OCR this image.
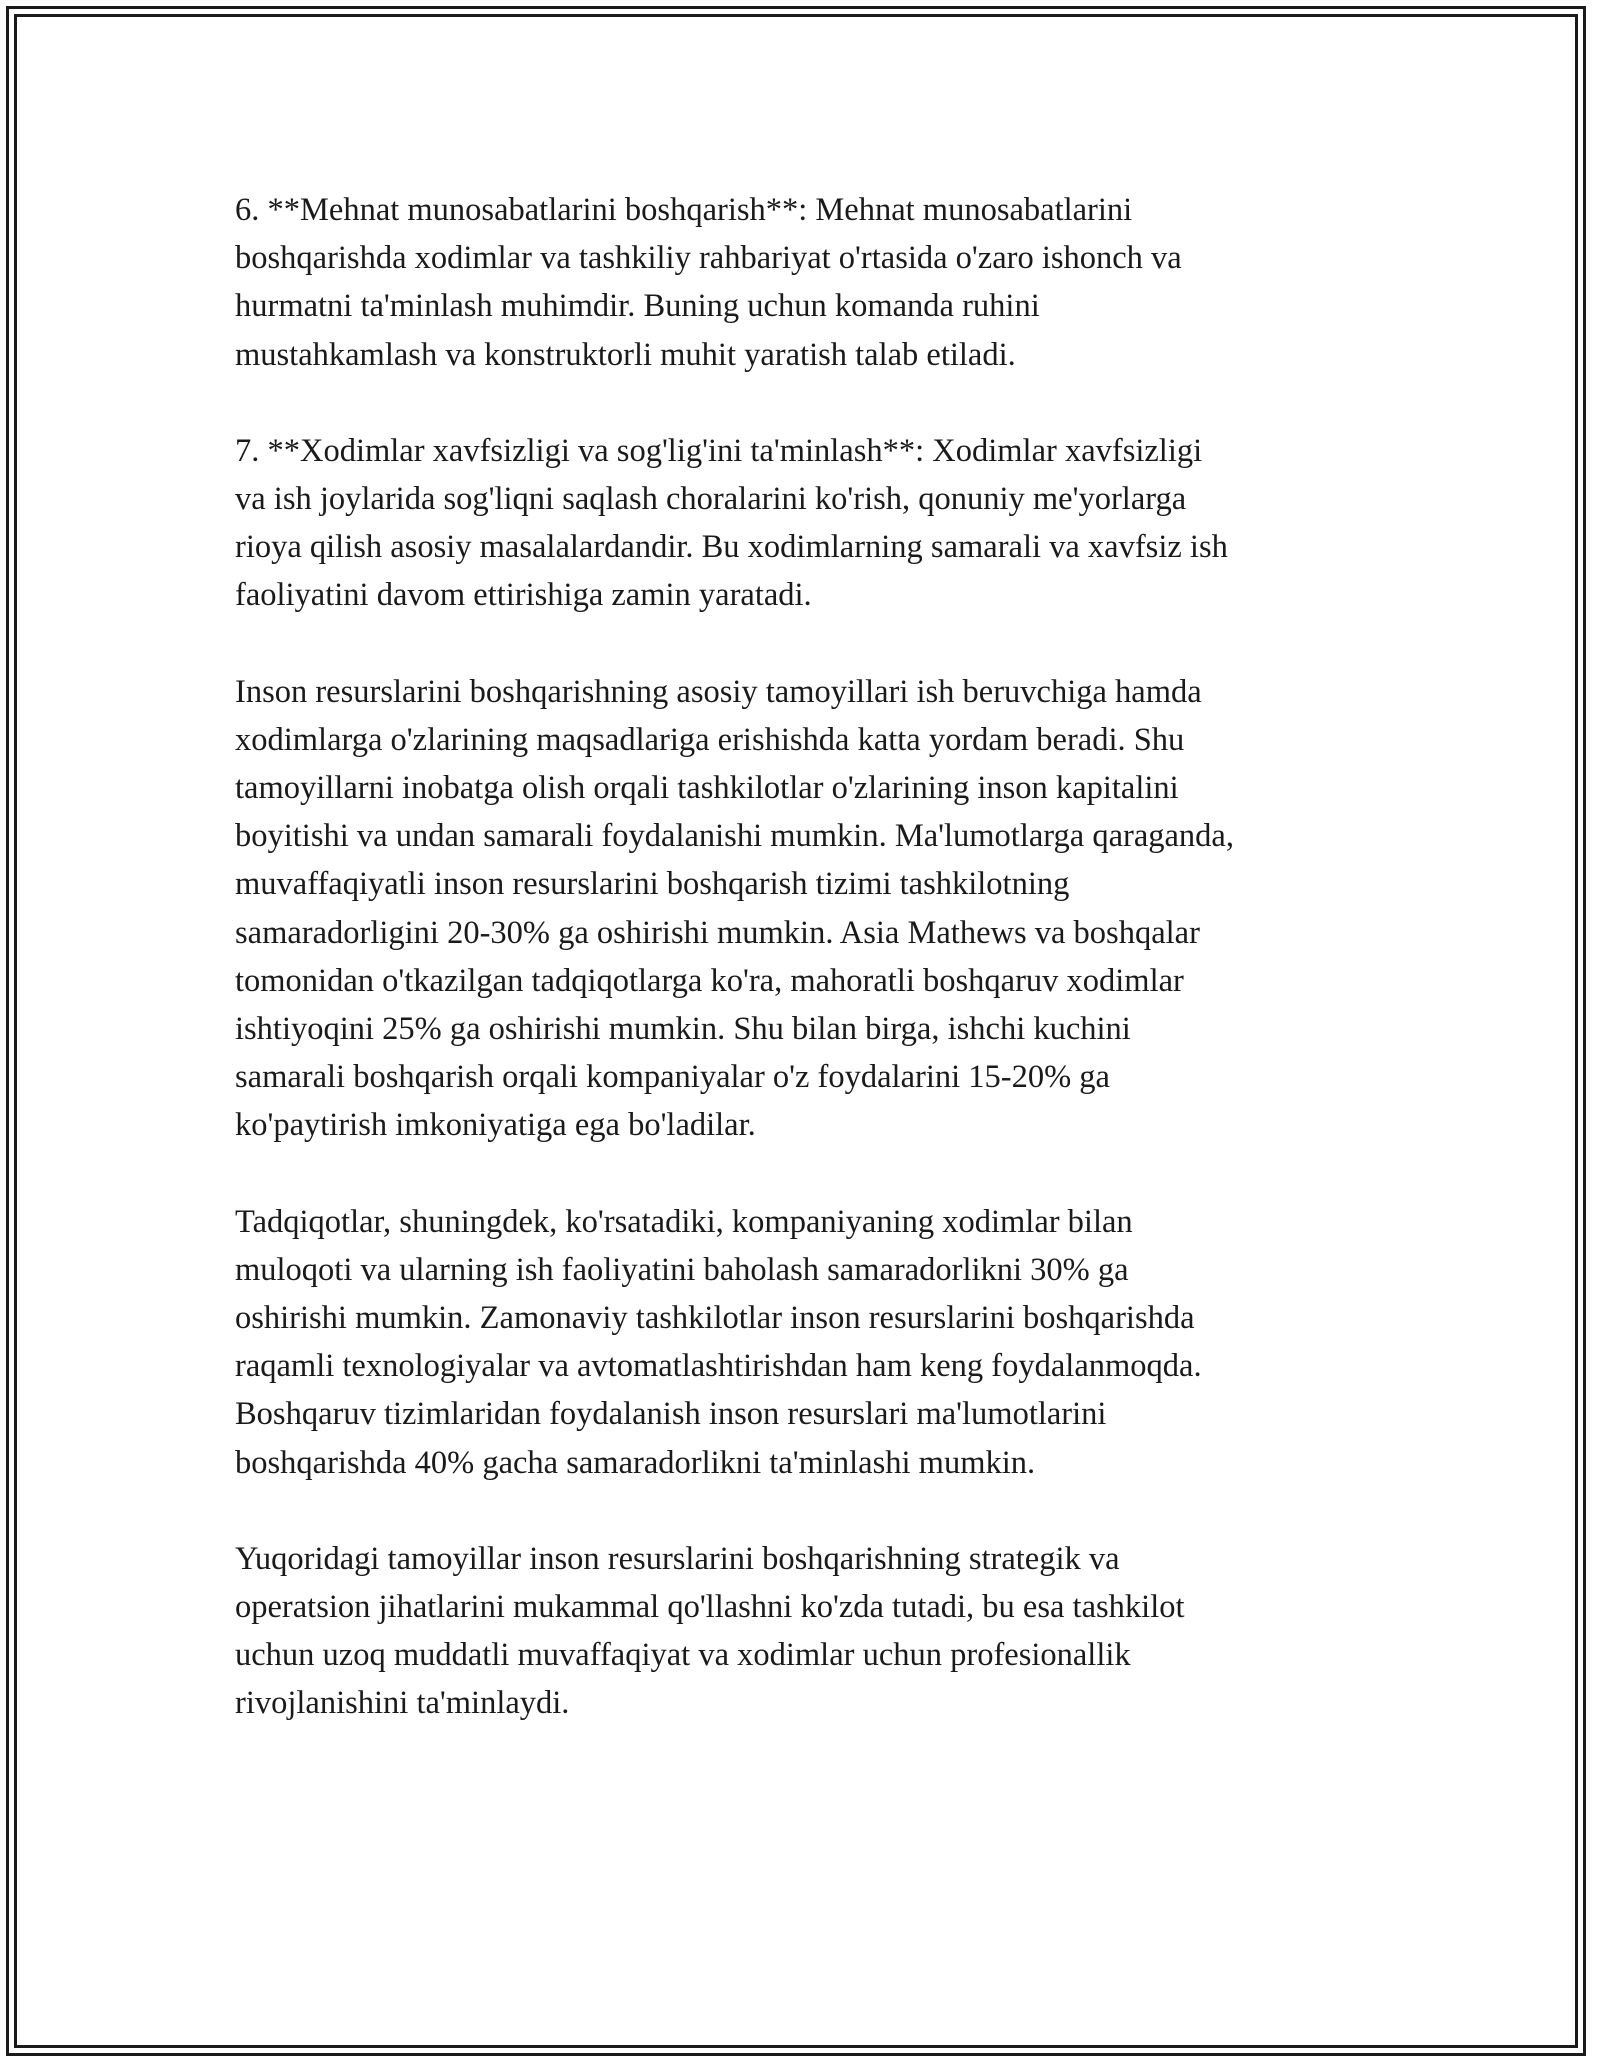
6. **Mehnat munosabatlarini boshqarish**: Mehnat munosabatlarini
boshqarishda xodimlar va tashkiliy rahbariyat o'rtasida o'zaro ishonch va
hurmatni ta'minlash muhimdir. Buning uchun komanda ruhini
mustahkamlash va konstruktorli muhit yaratish talab etiladi.

7. **Xodimlar xavfsizligi va sog'lig'ini ta'minlash**: Xodimlar xavfsizligi
va ish joylarida sog'liqni saqlash choralarini ko'rish, qonuniy me'yorlarga
rioya qilish asosiy masalalardandir. Bu xodimlarning samarali va xavfsiz ish
faoliyatini davom ettirishiga zamin yaratadi.

Inson resurslarini boshqarishning asosiy tamoyillari ish beruvchiga hamda
xodimlarga o'zlarining maqsadlariga erishishda katta yordam beradi. Shu
tamoyillarni inobatga olish orqali tashkilotlar o'zlarining inson kapitalini
boyitishi va undan samarali foydalanishi mumkin. Ma'lumotlarga qaraganda,
muvaffaqiyatli inson resurslarini boshqarish tizimi tashkilotning
samaradorligini 20-30% ga oshirishi mumkin. Asia Mathews va boshqalar
tomonidan o'tkazilgan tadqiqotlarga ko'ra, mahoratli boshqaruv xodimlar
ishtiyoqini 25% ga oshirishi mumkin. Shu bilan birga, ishchi kuchini
samarali boshqarish orqali kompaniyalar o'z foydalarini 15-20% ga
ko'paytirish imkoniyatiga ega bo'ladilar.

Tadqiqotlar, shuningdek, ko'rsatadiki, kompaniyaning xodimlar bilan
muloqoti va ularning ish faoliyatini baholash samaradorlikni 30% ga
oshirishi mumkin. Zamonaviy tashkilotlar inson resurslarini boshqarishda
raqamli texnologiyalar va avtomatlashtirishdan ham keng foydalanmoqda.
Boshqaruv tizimlaridan foydalanish inson resurslari ma'lumotlarini
boshqarishda 40% gacha samaradorlikni ta'minlashi mumkin.

Yuqoridagi tamoyillar inson resurslarini boshqarishning strategik va
operatsion jihatlarini mukammal qo'llashni ko'zda tutadi, bu esa tashkilot
uchun uzoq muddatli muvaffaqiyat va xodimlar uchun profesionallik
rivojlanishini ta'minlaydi.
